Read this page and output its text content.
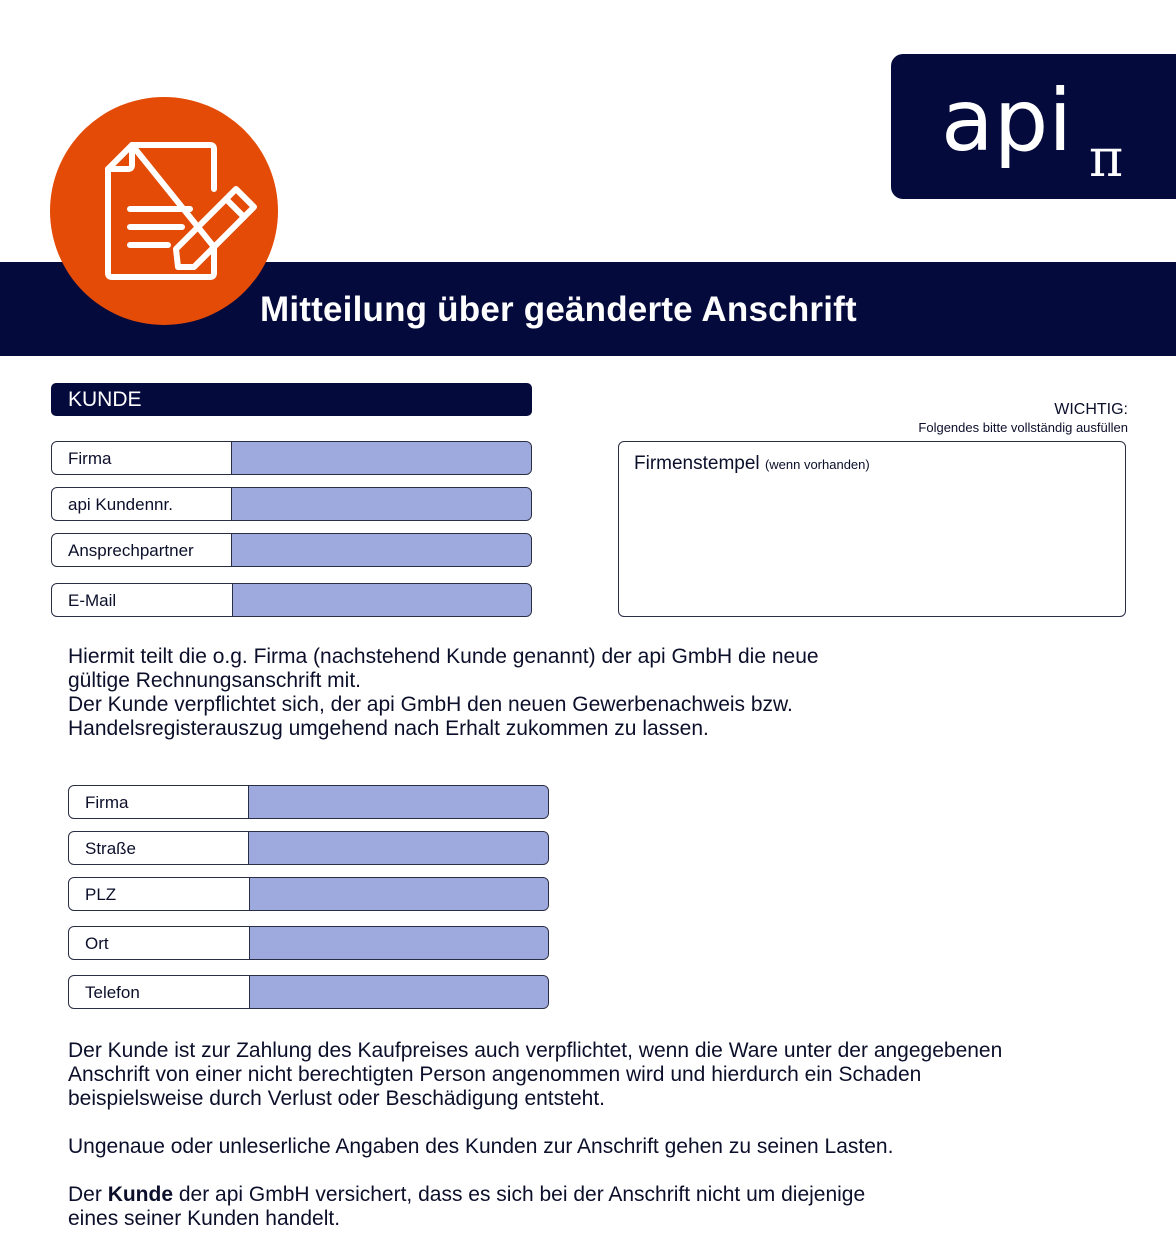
api π
Mitteilung über geänderte Anschrift
KUNDE	WICHTIG:
Folgendes bitte vollständig ausfüllen
Firma
api Kundennr.
Ansprechpartner
E-Mail
Firmenstempel (wenn vorhanden)
Hiermit teilt die o.g. Firma (nachstehend Kunde genannt) der api GmbH die neue
gültige Rechnungsanschrift mit.
Der Kunde verpflichtet sich, der api GmbH den neuen Gewerbenachweis bzw.
Handelsregisterauszug umgehend nach Erhalt zukommen zu lassen.
Firma
Straße
PLZ
Ort
Telefon
Der Kunde ist zur Zahlung des Kaufpreises auch verpflichtet, wenn die Ware unter der angegebenen
Anschrift von einer nicht berechtigten Person angenommen wird und hierdurch ein Schaden
beispielsweise durch Verlust oder Beschädigung entsteht.
Ungenaue oder unleserliche Angaben des Kunden zur Anschrift gehen zu seinen Lasten.
Der Kunde der api GmbH versichert, dass es sich bei der Anschrift nicht um diejenige
eines seiner Kunden handelt.
